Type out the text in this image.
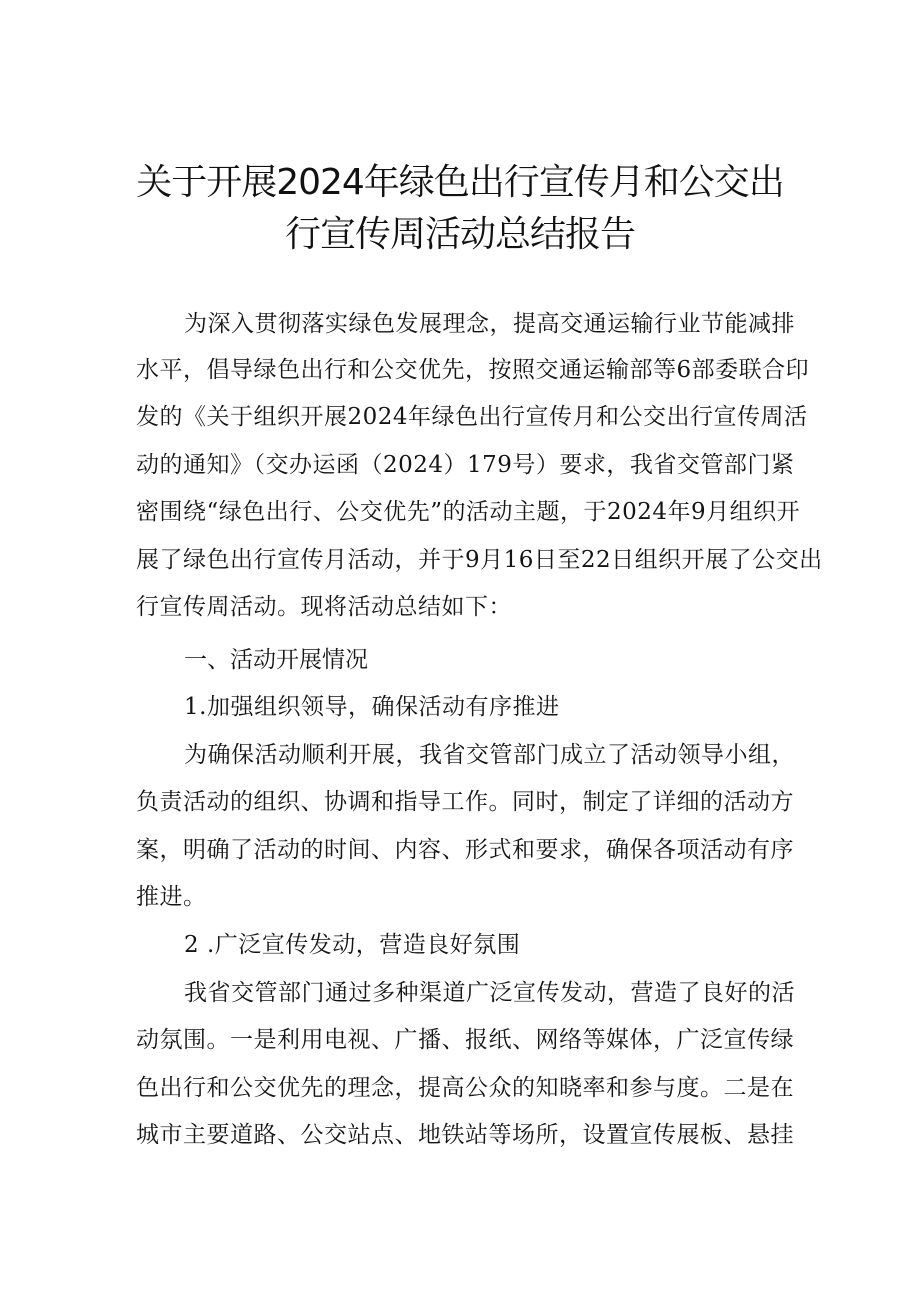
关于开展2024年绿色出行宣传月和公交出
行宣传周活动总结报告

为深入贯彻落实绿色发展理念，提高交通运输行业节能减排

水平，倡导绿色出行和公交优先，按照交通运输部等6部委联合印

发的《关于组织开展2024年绿色出行宣传月和公交出行宣传周活

动的通知》（交办运函（2024）179号）要求，我省交管部门紧

密围绕“绿色出行、公交优先”的活动主题，于2024年9月组织开

展了绿色出行宣传月活动，并于9月16日至22日组织开展了公交出

行宣传周活动。现将活动总结如下：

一、活动开展情况

1.加强组织领导，确保活动有序推进

为确保活动顺利开展，我省交管部门成立了活动领导小组，

负责活动的组织、协调和指导工作。同时，制定了详细的活动方

案，明确了活动的时间、内容、形式和要求，确保各项活动有序

推进。

2 .广泛宣传发动，营造良好氛围

我省交管部门通过多种渠道广泛宣传发动，营造了良好的活

动氛围。一是利用电视、广播、报纸、网络等媒体，广泛宣传绿

色出行和公交优先的理念，提高公众的知晓率和参与度。二是在

城市主要道路、公交站点、地铁站等场所，设置宣传展板、悬挂
